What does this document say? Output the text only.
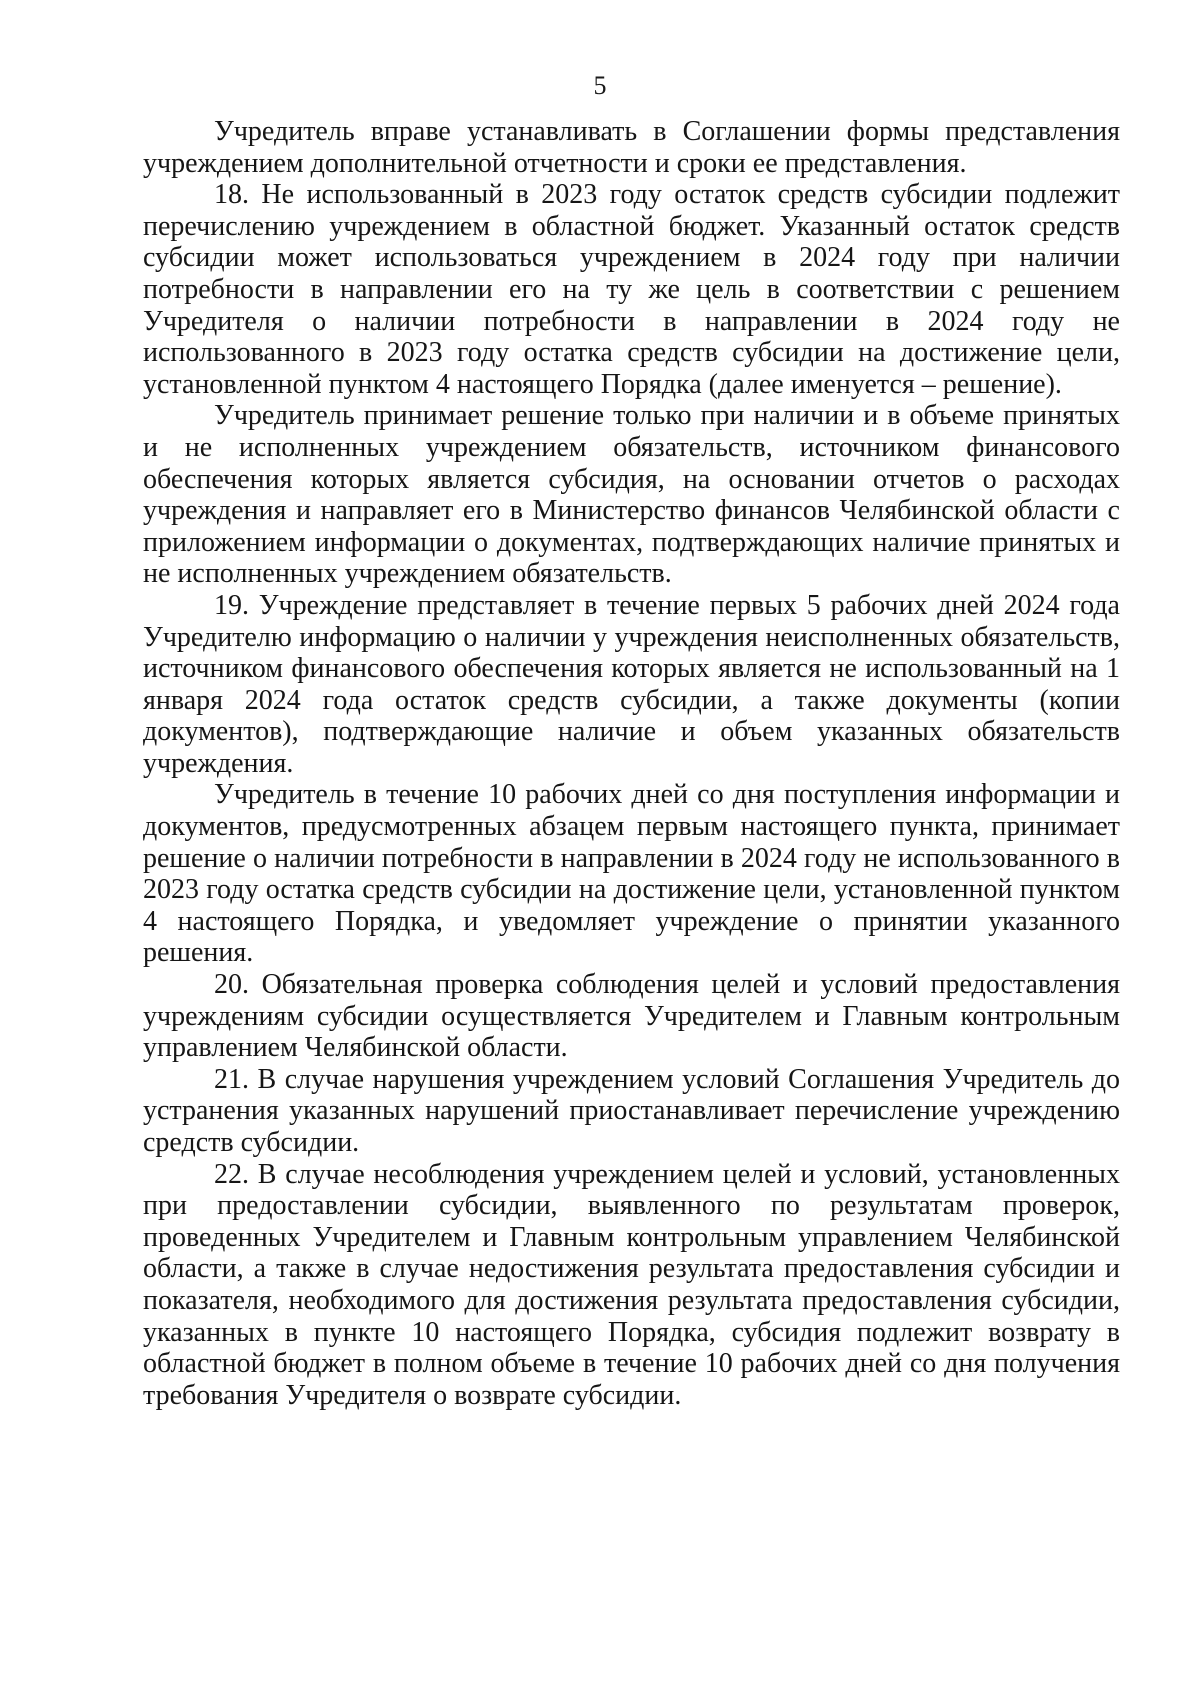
5

Учредитель вправе устанавливать в Соглашении формы представления учреждением дополнительной отчетности и сроки ее представления.

18. Не использованный в 2023 году остаток средств субсидии подлежит перечислению учреждением в областной бюджет. Указанный остаток средств субсидии может использоваться учреждением в 2024 году при наличии потребности в направлении его на ту же цель в соответствии с решением Учредителя о наличии потребности в направлении в 2024 году не использованного в 2023 году остатка средств субсидии на достижение цели, установленной пунктом 4 настоящего Порядка (далее именуется – решение).

Учредитель принимает решение только при наличии и в объеме принятых и не исполненных учреждением обязательств, источником финансового обеспечения которых является субсидия, на основании отчетов о расходах учреждения и направляет его в Министерство финансов Челябинской области с приложением информации о документах, подтверждающих наличие принятых и не исполненных учреждением обязательств.

19. Учреждение представляет в течение первых 5 рабочих дней 2024 года Учредителю информацию о наличии у учреждения неисполненных обязательств, источником финансового обеспечения которых является не использованный на 1 января 2024 года остаток средств субсидии, а также документы (копии документов), подтверждающие наличие и объем указанных обязательств учреждения.

Учредитель в течение 10 рабочих дней со дня поступления информации и документов, предусмотренных абзацем первым настоящего пункта, принимает решение о наличии потребности в направлении в 2024 году не использованного в 2023 году остатка средств субсидии на достижение цели, установленной пунктом 4 настоящего Порядка, и уведомляет учреждение о принятии указанного решения.

20. Обязательная проверка соблюдения целей и условий предоставления учреждениям субсидии осуществляется Учредителем и Главным контрольным управлением Челябинской области.

21. В случае нарушения учреждением условий Соглашения Учредитель до устранения указанных нарушений приостанавливает перечисление учреждению средств субсидии.

22. В случае несоблюдения учреждением целей и условий, установленных при предоставлении субсидии, выявленного по результатам проверок, проведенных Учредителем и Главным контрольным управлением Челябинской области, а также в случае недостижения результата предоставления субсидии и показателя, необходимого для достижения результата предоставления субсидии, указанных в пункте 10 настоящего Порядка, субсидия подлежит возврату в областной бюджет в полном объеме в течение 10 рабочих дней со дня получения требования Учредителя о возврате субсидии.
